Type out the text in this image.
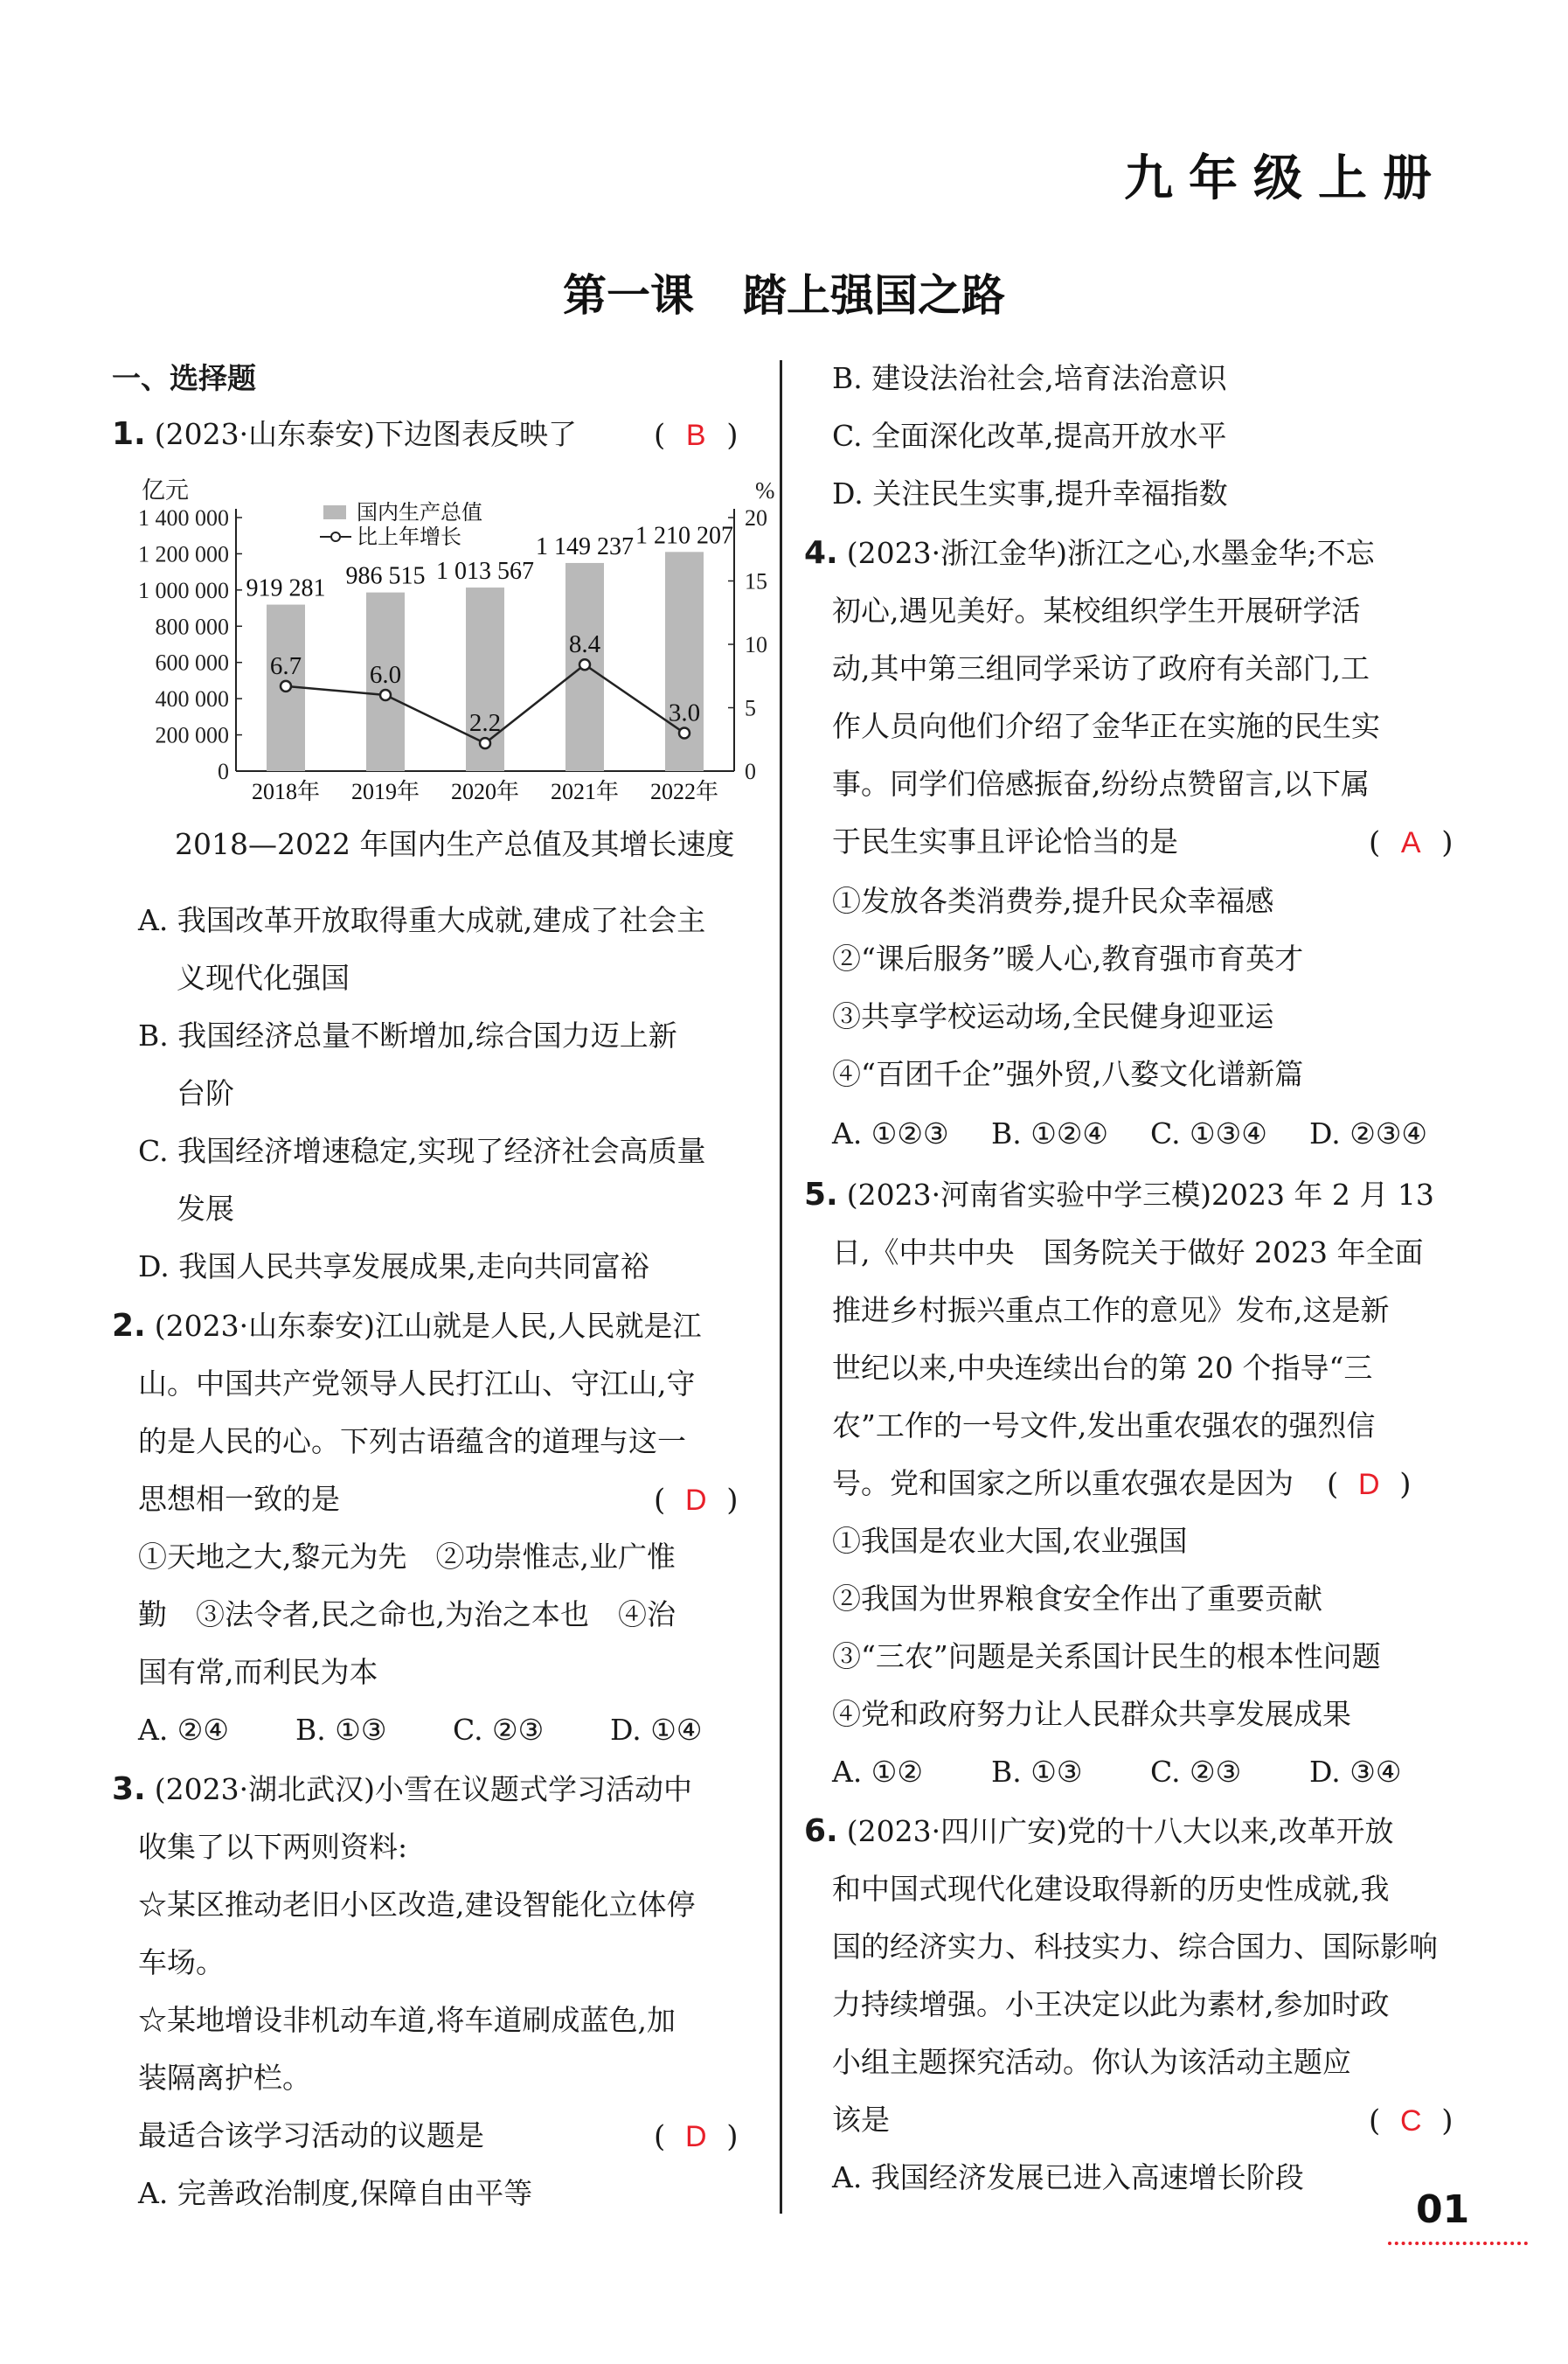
九年级上册
第一课 踏上强国之路
一、选择题
1. (2023·山东泰安)下边图表反映了	( B )
亿元	%
0
200 000
400 000
600 000
800 000
1 000 000
1 200 000
1 400 000
0
5
10
15
20
919 281 986 515 1 013 567
1 149 237 1 210 207
6.7	6.0
2.2
8.4
3.0
2018年 2019年 2020年 2021年 2022年
国内生产总值
比上年增长
2018—2022 年国内生产总值及其增长速度
A. 我国改革开放取得重大成就,建成了社会主
义现代化强国
B. 我国经济总量不断增加,综合国力迈上新
台阶
C. 我国经济增速稳定,实现了经济社会高质量
发展
D. 我国人民共享发展成果,走向共同富裕
2. (2023·山东泰安)江山就是人民,人民就是江
山。中国共产党领导人民打江山、守江山,守
的是人民的心。下列古语蕴含的道理与这一
思想相一致的是	( D )
①天地之大,黎元为先　②功崇惟志,业广惟
勤　③法令者,民之命也,为治之本也　④治
国有常,而利民为本
A. ②④ B. ①③ C. ②③ D. ①④
3. (2023·湖北武汉)小雪在议题式学习活动中
收集了以下两则资料:
☆某区推动老旧小区改造,建设智能化立体停
车场。
☆某地增设非机动车道,将车道刷成蓝色,加
装隔离护栏。
最适合该学习活动的议题是	( D )
A. 完善政治制度,保障自由平等
B. 建设法治社会,培育法治意识
C. 全面深化改革,提高开放水平
D. 关注民生实事,提升幸福指数
4. (2023·浙江金华)浙江之心,水墨金华;不忘
初心,遇见美好。某校组织学生开展研学活
动,其中第三组同学采访了政府有关部门,工
作人员向他们介绍了金华正在实施的民生实
事。同学们倍感振奋,纷纷点赞留言,以下属
于民生实事且评论恰当的是	( A )
①发放各类消费券,提升民众幸福感
②“课后服务”暖人心,教育强市育英才
③共享学校运动场,全民健身迎亚运
④“百团千企”强外贸,八婺文化谱新篇
A. ①②③ B. ①②④ C. ①③④ D. ②③④
5. (2023·河南省实验中学三模)2023 年 2 月 13
日,《中共中央　国务院关于做好 2023 年全面
推进乡村振兴重点工作的意见》发布,这是新
世纪以来,中央连续出台的第 20 个指导“三
农”工作的一号文件,发出重农强农的强烈信
号。党和国家之所以重农强农是因为 ( D )
①我国是农业大国,农业强国
②我国为世界粮食安全作出了重要贡献
③“三农”问题是关系国计民生的根本性问题
④党和政府努力让人民群众共享发展成果
A. ①② B. ①③ C. ②③ D. ③④
6. (2023·四川广安)党的十八大以来,改革开放
和中国式现代化建设取得新的历史性成就,我
国的经济实力、科技实力、综合国力、国际影响
力持续增强。小王决定以此为素材,参加时政
小组主题探究活动。你认为该活动主题应
该是	( C )
A. 我国经济发展已进入高速增长阶段
01
